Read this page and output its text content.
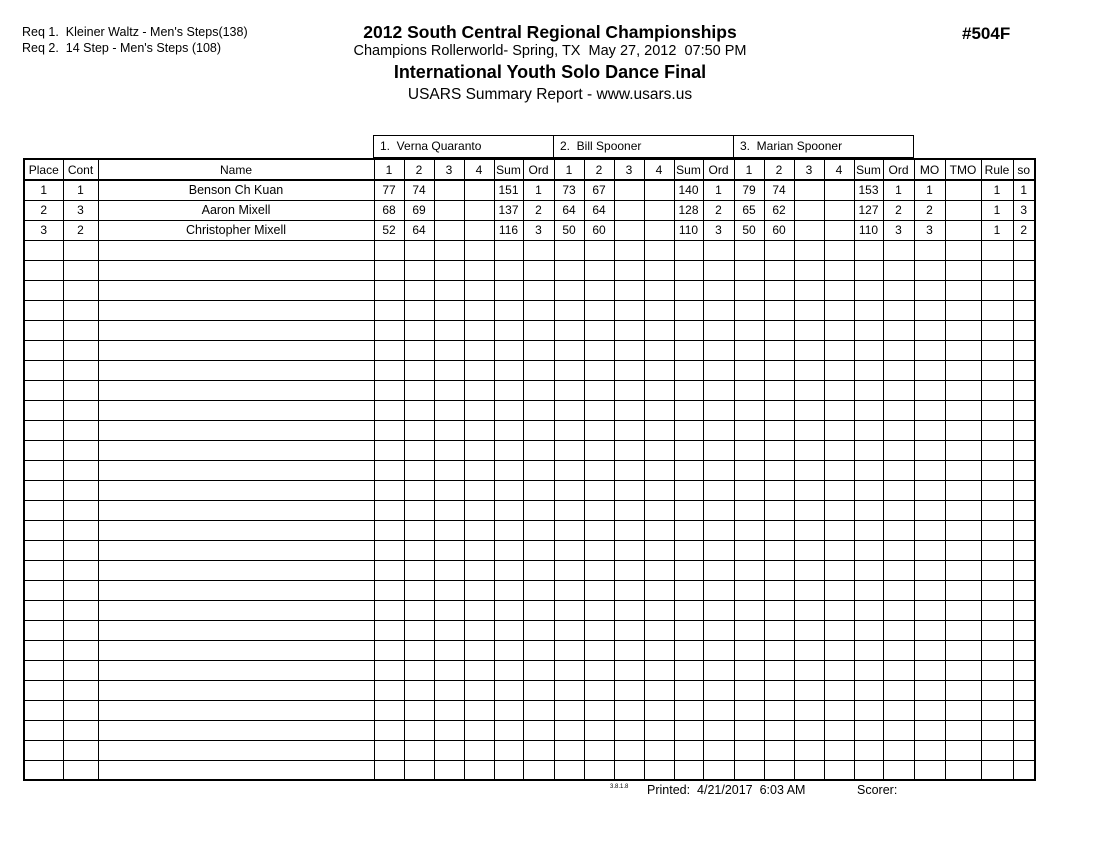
Req 1.  Kleiner Waltz - Men's Steps(138)
Req 2.  14 Step - Men's Steps (108)
2012 South Central Regional Championships
Champions Rollerworld- Spring, TX  May 27, 2012  07:50 PM
International Youth Solo Dance Final
USARS Summary Report - www.usars.us
#504F
1.  Verna Quaranto	2.  Bill Spooner	3.  Marian Spooner
Place	Cont	Name	1	2	3	4	Sum	Ord	1	2	3	4	Sum	Ord	1	2	3	4	Sum	Ord	MO	TMO	Rule	so
1	1	Benson Ch Kuan	77	74			151	1	73	67			140	1	79	74			153	1	1		1	1
2	3	Aaron Mixell	68	69			137	2	64	64			128	2	65	62			127	2	2		1	3
3	2	Christopher Mixell	52	64			116	3	50	60			110	3	50	60			110	3	3		1	2

3.8.1.8 Printed:  4/21/2017  6:03 AM	Scorer:
